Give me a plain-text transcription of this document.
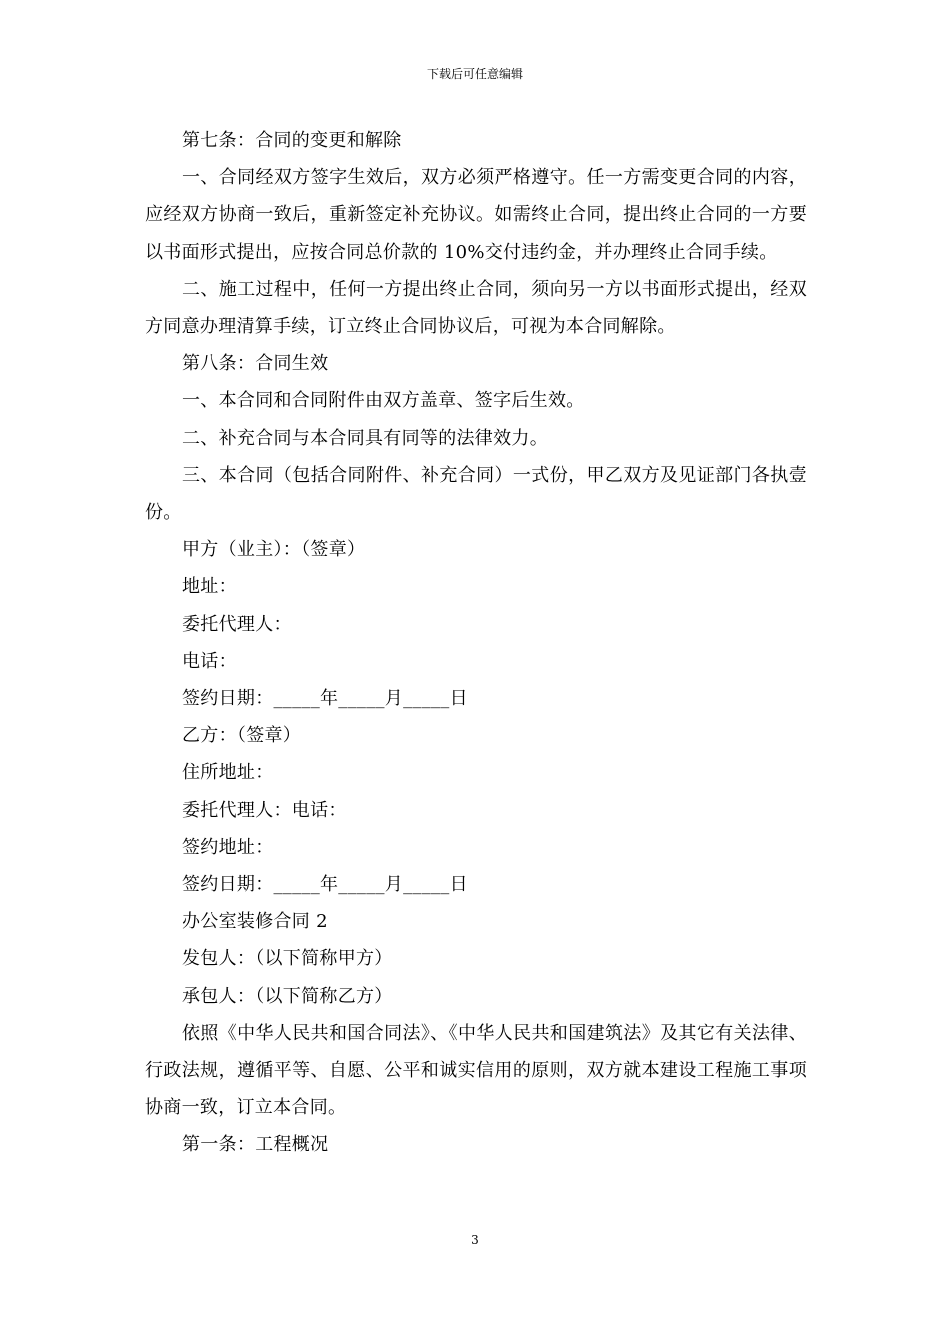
下载后可任意编辑

第七条：合同的变更和解除

一、合同经双方签字生效后，双方必须严格遵守。任一方需变更合同的内容，应经双方协商一致后，重新签定补充协议。如需终止合同，提出终止合同的一方要以书面形式提出，应按合同总价款的 10%交付违约金，并办理终止合同手续。

二、施工过程中，任何一方提出终止合同，须向另一方以书面形式提出，经双方同意办理清算手续，订立终止合同协议后，可视为本合同解除。

第八条：合同生效

一、本合同和合同附件由双方盖章、签字后生效。

二、补充合同与本合同具有同等的法律效力。

三、本合同（包括合同附件、补充合同）一式份，甲乙双方及见证部门各执壹份。

甲方（业主）：（签章）

地址：

委托代理人：

电话：

签约日期：_____年_____月_____日

乙方：（签章）

住所地址：

委托代理人：电话：

签约地址：

签约日期：_____年_____月_____日

办公室装修合同 2

发包人：（以下简称甲方）

承包人：（以下简称乙方）

依照《中华人民共和国合同法》、《中华人民共和国建筑法》及其它有关法律、行政法规，遵循平等、自愿、公平和诚实信用的原则，双方就本建设工程施工事项协商一致，订立本合同。

第一条：工程概况

3
